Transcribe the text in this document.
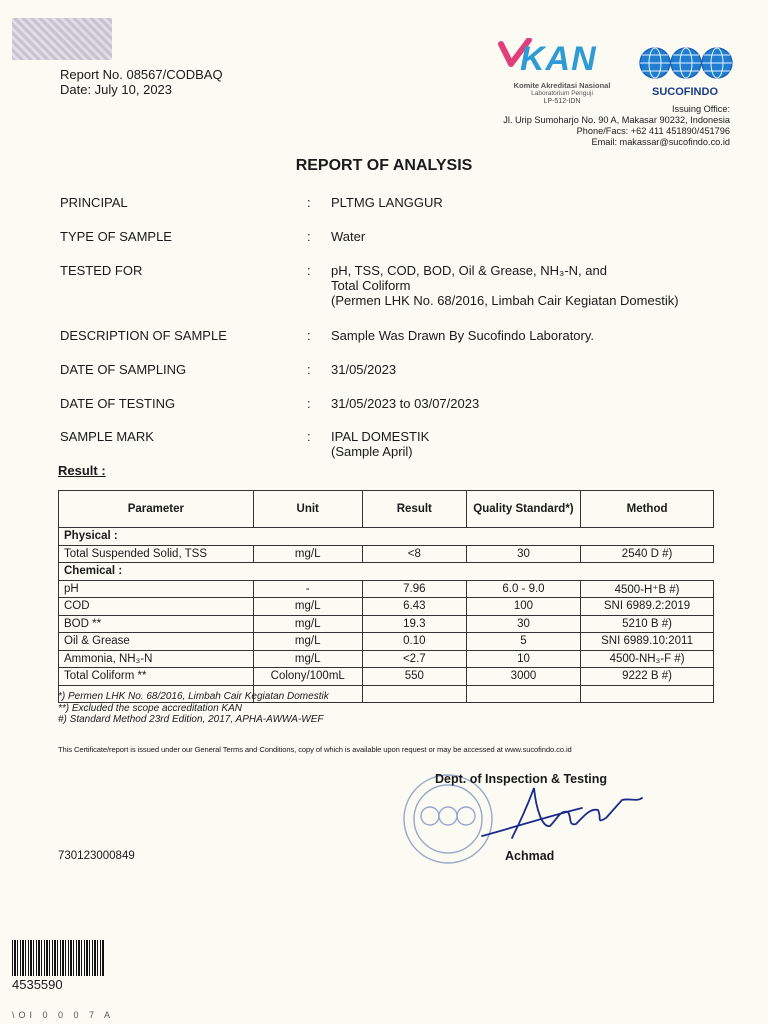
Report No. 08567/CODBAQ
Date: July 10, 2023
KAN
Komite Akreditasi Nasional
Laboratorium Penguji
LP-512-IDN
SUCOFINDO
Issuing Office:
Jl. Urip Sumoharjo No. 90 A, Makasar 90232, Indonesia
Phone/Facs: +62 411 451890/451796
Email: makassar@sucofindo.co.id
REPORT OF ANALYSIS
PRINCIPAL	: PLTMG LANGGUR
TYPE OF SAMPLE	: Water
TESTED FOR	: pH, TSS, COD, BOD, Oil & Grease, NH₃-N, and
Total Coliform
(Permen LHK No. 68/2016, Limbah Cair Kegiatan Domestik)
DESCRIPTION OF SAMPLE	: Sample Was Drawn By Sucofindo Laboratory.
DATE OF SAMPLING	: 31/05/2023
DATE OF TESTING	: 31/05/2023 to 03/07/2023
SAMPLE MARK	: IPAL DOMESTIK
(Sample April)
Result :
Parameter	Unit	Result	Quality Standard*)	Method
Physical :				
Total Suspended Solid, TSS	mg/L	<8	30	2540 D #)
Chemical :				
pH	-	7.96	6.0 - 9.0	4500-H⁺B #)
COD	mg/L	6.43	100	SNI 6989.2:2019
BOD **	mg/L	19.3	30	5210 B #)
Oil & Grease	mg/L	0.10	5	SNI 6989.10:2011
Ammonia, NH₃-N	mg/L	<2.7	10	4500-NH₃-F #)
Total Coliform **	Colony/100mL	550	3000	9222 B #)

*) Permen LHK No. 68/2016, Limbah Cair Kegiatan Domestik
**) Excluded the scope accreditation KAN
#) Standard Method 23rd Edition, 2017, APHA-AWWA-WEF
This Certificate/report is issued under our General Terms and Conditions, copy of which is available upon request or may be accessed at www.sucofindo.co.id
Dept. of Inspection & Testing
Achmad
730123000849
4535590
\OI 0 0 0 7 A
